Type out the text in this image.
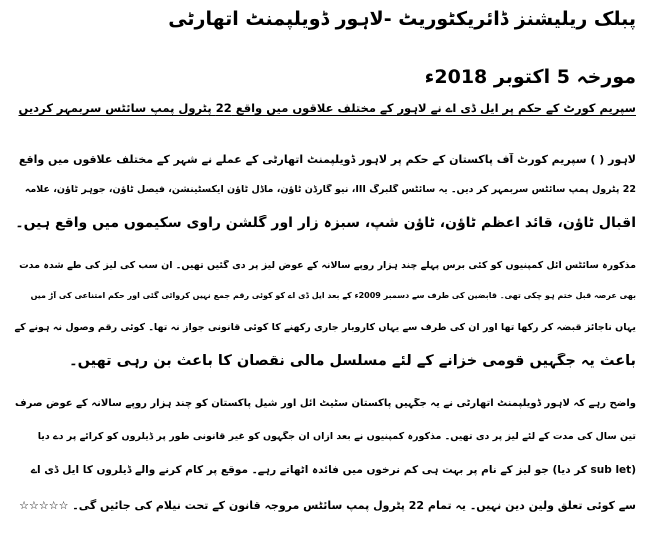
پبلک ریلیشنز ڈائریکٹوریٹ -لاہور ڈویلپمنٹ اتھارٹی
مورخہ 5 اکتوبر 2018ء
سپریم کورٹ کے حکم پر ایل ڈی اے نے لاہور کے مختلف علاقوں میں واقع 22 پٹرول پمپ سائٹس سربمہر کردیں
لاہور ( ) سپریم کورٹ آف پاکستان کے حکم پر لاہور ڈویلپمنٹ اتھارٹی کے عملے نے شہر کے مختلف علاقوں میں واقع
22 پٹرول پمپ سائٹس سربمہر کر دیں۔ یہ سائٹس گلبرگ III، نیو گارڈن ٹاؤن، ماڈل ٹاؤن ایکسٹینشن، فیصل ٹاؤن، جوہر ٹاؤن، علامہ
اقبال ٹاؤن، قائد اعظم ٹاؤن، ٹاؤن شپ، سبزہ زار اور گلشن راوی سکیموں میں واقع ہیں۔
مذکورہ سائٹس آئل کمپنیوں کو کئی برس پہلے چند ہزار روپے سالانہ کے عوض لیز پر دی گئیں تھیں۔ ان سب کی لیز کی طے شدہ مدت
بھی عرصہ قبل ختم ہو چکی تھی۔ قابضین کی طرف سے دسمبر 2009ء کے بعد ایل ڈی اے کو کوئی رقم جمع نہیں کروائی گئی اور حکم امتناعی کی آڑ میں
یہاں ناجائز قبضہ کر رکھا تھا اور ان کی طرف سے یہاں کاروبار جاری رکھنے کا کوئی قانونی جواز نہ تھا۔ کوئی رقم وصول نہ ہونے کے
باعث یہ جگہیں قومی خزانے کے لئے مسلسل مالی نقصان کا باعث بن رہی تھیں۔
واضح رہے کہ لاہور ڈویلپمنٹ اتھارٹی نے یہ جگہیں پاکستان سٹیٹ آئل اور شیل پاکستان کو چند ہزار روپے سالانہ کے عوض صرف
تین سال کی مدت کے لئے لیز پر دی تھیں۔ مذکورہ کمپنیوں نے بعد ازاں ان جگہوں کو غیر قانونی طور پر ڈیلروں کو کرائے پر دے دیا
(sub let کر دیا) جو لیز کے نام پر بہت ہی کم نرخوں میں فائدہ اٹھاتے رہے۔ موقع پر کام کرنے والے ڈیلروں کا ایل ڈی اے
سے کوئی تعلق ولین دین نہیں۔ یہ تمام 22 پٹرول پمپ سائٹس مروجہ قانون کے تحت نیلام کی جائیں گی۔ ☆☆☆☆☆
